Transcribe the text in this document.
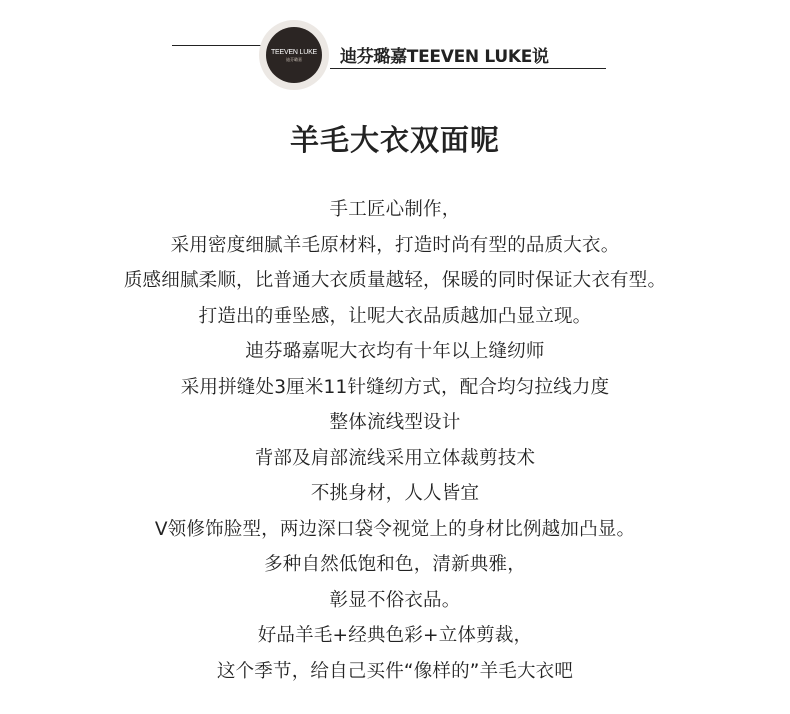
TEEVEN LUKE
迪芬璐嘉 迪芬璐嘉TEEVEN LUKE说
羊毛大衣双面呢
手工匠心制作，
采用密度细腻羊毛原材料，打造时尚有型的品质大衣。
质感细腻柔顺，比普通大衣质量越轻，保暖的同时保证大衣有型。
打造出的垂坠感，让呢大衣品质越加凸显立现。
迪芬璐嘉呢大衣均有十年以上缝纫师
采用拼缝处3厘米11针缝纫方式，配合均匀拉线力度
整体流线型设计
背部及肩部流线采用立体裁剪技术
不挑身材，人人皆宜
V领修饰脸型，两边深口袋令视觉上的身材比例越加凸显。
多种自然低饱和色，清新典雅，
彰显不俗衣品。
好品羊毛+经典色彩+立体剪裁，
这个季节，给自己买件“像样的”羊毛大衣吧
